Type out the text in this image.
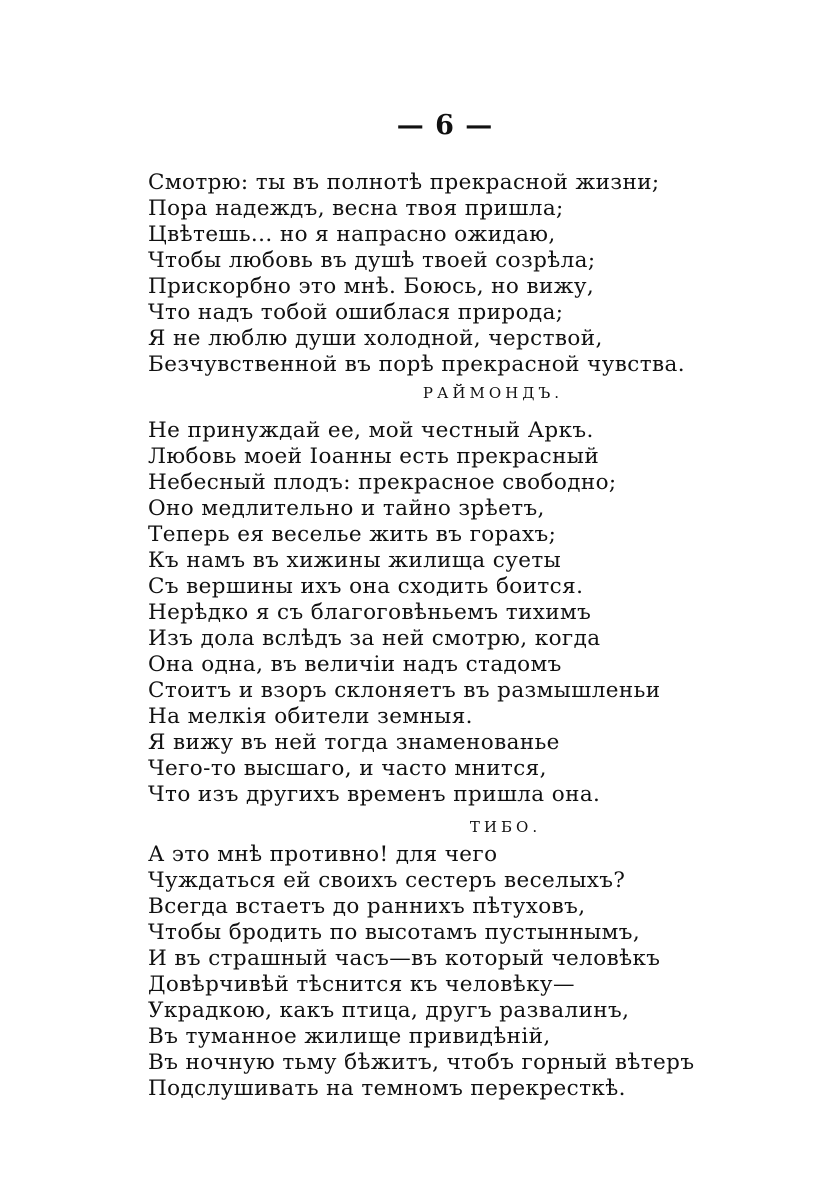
— 6 —
Смотрю: ты въ полнотѣ прекрасной жизни;
Пора надеждъ, весна твоя пришла;
Цвѣтешь... но я напрасно ожидаю,
Чтобы любовь въ душѣ твоей созрѣла;
Прискорбно это мнѣ. Боюсь, но вижу,
Что надъ тобой ошиблася природа;
Я не люблю души холодной, черствой,
Безчувственной въ порѣ прекрасной чувства.
РАЙМОНДЪ.
Не принуждай ее, мой честный Аркъ.
Любовь моей Іоанны есть прекрасный
Небесный плодъ: прекрасное свободно;
Оно медлительно и тайно зрѣетъ,
Теперь ея веселье жить въ горахъ;
Къ намъ въ хижины жилища суеты
Съ вершины ихъ она сходить боится.
Нерѣдко я съ благоговѣньемъ тихимъ
Изъ дола вслѣдъ за ней смотрю, когда
Она одна, въ величіи надъ стадомъ
Стоитъ и взоръ склоняетъ въ размышленьи
На мелкія обители земныя.
Я вижу въ ней тогда знаменованье
Чего-то высшаго, и часто мнится,
Что изъ другихъ временъ пришла она.
ТИБО.
А это мнѣ противно! для чего
Чуждаться ей своихъ сестеръ веселыхъ?
Всегда встаетъ до раннихъ пѣтуховъ,
Чтобы бродить по высотамъ пустыннымъ,
И въ страшный часъ—въ который человѣкъ
Довѣрчивѣй тѣснится къ человѣку—
Украдкою, какъ птица, другъ развалинъ,
Въ туманное жилище привидѣній,
Въ ночную тьму бѣжитъ, чтобъ горный вѣтеръ
Подслушивать на темномъ перекресткѣ.
